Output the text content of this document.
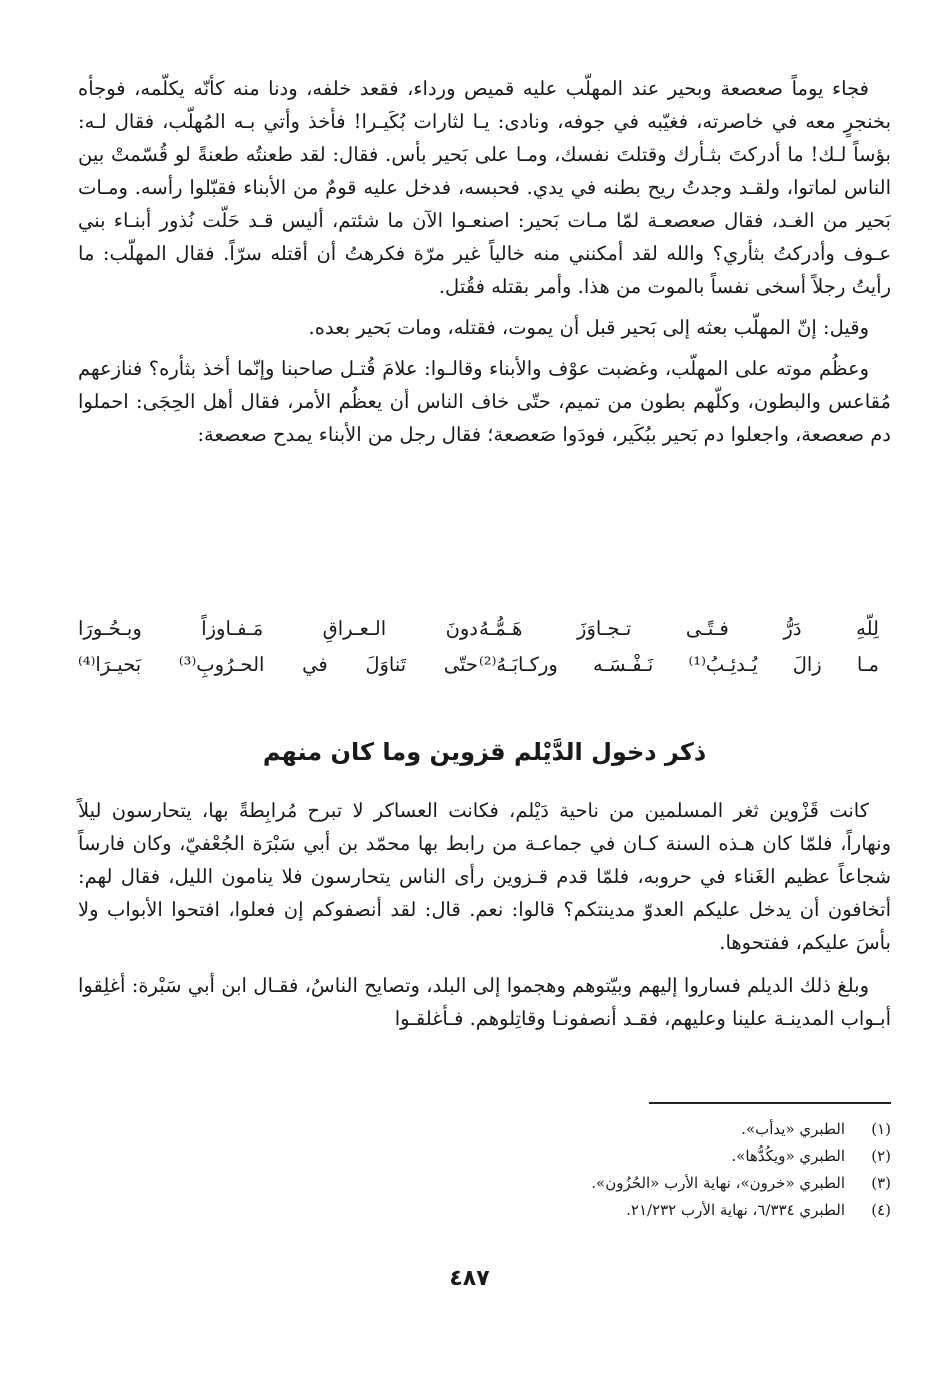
فجاء يوماً صعصعة وبحير عند المهلّب عليه قميص ورداء، فقعد خلفه، ودنا منه كأنّه يكلّمه، فوجأه بخنجرٍ معه في خاصرته، فغيّبه في جوفه، ونادى: يـا لثارات بُكَيـرا! فأخذ وأتي بـه المُهلّب، فقال لـه: بؤساً لـك! ما أدركتَ بثـأرك وقتلتَ نفسك، ومـا على بَحير بأس. فقال: لقد طعنتُه طعنةً لو قُسّمتْ بين الناس لماتوا، ولقـد وجدتُ ريح بطنه في يدي. فحبسه، فدخل عليه قومٌ من الأبناء فقبّلوا رأسه. ومـات بَحير من الغـد، فقال صعصعـة لمّا مـات بَحير: اصنعـوا الآن ما شئتم، أليس قـد حَلّت نُذور أبنـاء بني عـوف وأدركتُ بثأري؟ والله لقد أمكنني منه خالياً غير مرّة فكرهتُ أن أقتله سرّاً. فقال المهلّب: ما رأيتُ رجلاً أسخى نفساً بالموت من هذا. وأمر بقتله فقُتل.

وقيل: إنّ المهلّب بعثه إلى بَحير قبل أن يموت، فقتله، ومات بَحير بعده.

وعظُم موته على المهلّب، وغضبت عوْف والأبناء وقالـوا: علامَ قُتـل صاحبنا وإنّما أخذ بثأره؟ فنازعهم مُقاعس والبطون، وكلّهم بطون من تميم، حتّى خاف الناس أن يعظُم الأمر، فقال أهل الحِجَى: احملوا دم صعصعة، واجعلوا دم بَحير ببُكَير، فودَوا صَعصعة؛ فقال رجل من الأبناء يمدح صعصعة:

لِلّهِ دَرُّ فـتًـى تـجـاوَزَ هَـمُّـهُ
دونَ الـعـراقِ مَـفـاوزاً وبـحُـورَا
مـا زالَ يُـدئِـبُ⁽¹⁾ نَـفْـسَـه وركـابَـهُ⁽²⁾
حتّى تَناوَلَ في الحـرُوبِ⁽³⁾ بَحيـرَا⁽⁴⁾
ذكر دخول الدَّيْلم قزوين وما كان منهم

كانت قَزْوين ثغر المسلمين من ناحية دَيْلم، فكانت العساكر لا تبرح مُرابِطةً بها، يتحارسون ليلاً ونهاراً، فلمّا كان هـذه السنة كـان في جماعـة من رابط بها محمّد بن أبي سَبْرَة الجُعْفيّ، وكان فارساً شجاعاً عظيم الغَناء في حروبه، فلمّا قدم قـزوين رأى الناس يتحارسون فلا ينامون الليل، فقال لهم: أتخافون أن يدخل عليكم العدوّ مدينتكم؟ قالوا: نعم. قال: لقد أنصفوكم إن فعلوا، افتحوا الأبواب ولا بأسَ عليكم، ففتحوها.

وبلغ ذلك الديلم فساروا إليهم وبيّتوهم وهجموا إلى البلد، وتصايح الناسُ، فقـال ابن أبي سَبْرة: أغلِقوا أبـواب المدينـة علينا وعليهم، فقـد أنصفونـا وقاتِلوهم. فـأغلقـوا

(١)
الطبري «يدأب».
(٢)
الطبري «ويكُدُّها».
(٣)
الطبري «خرون»، نهاية الأرب «الحُزُون».
(٤)
الطبري ٦/٣٣٤، نهاية الأرب ٢١/٢٣٢.
٤٨٧
